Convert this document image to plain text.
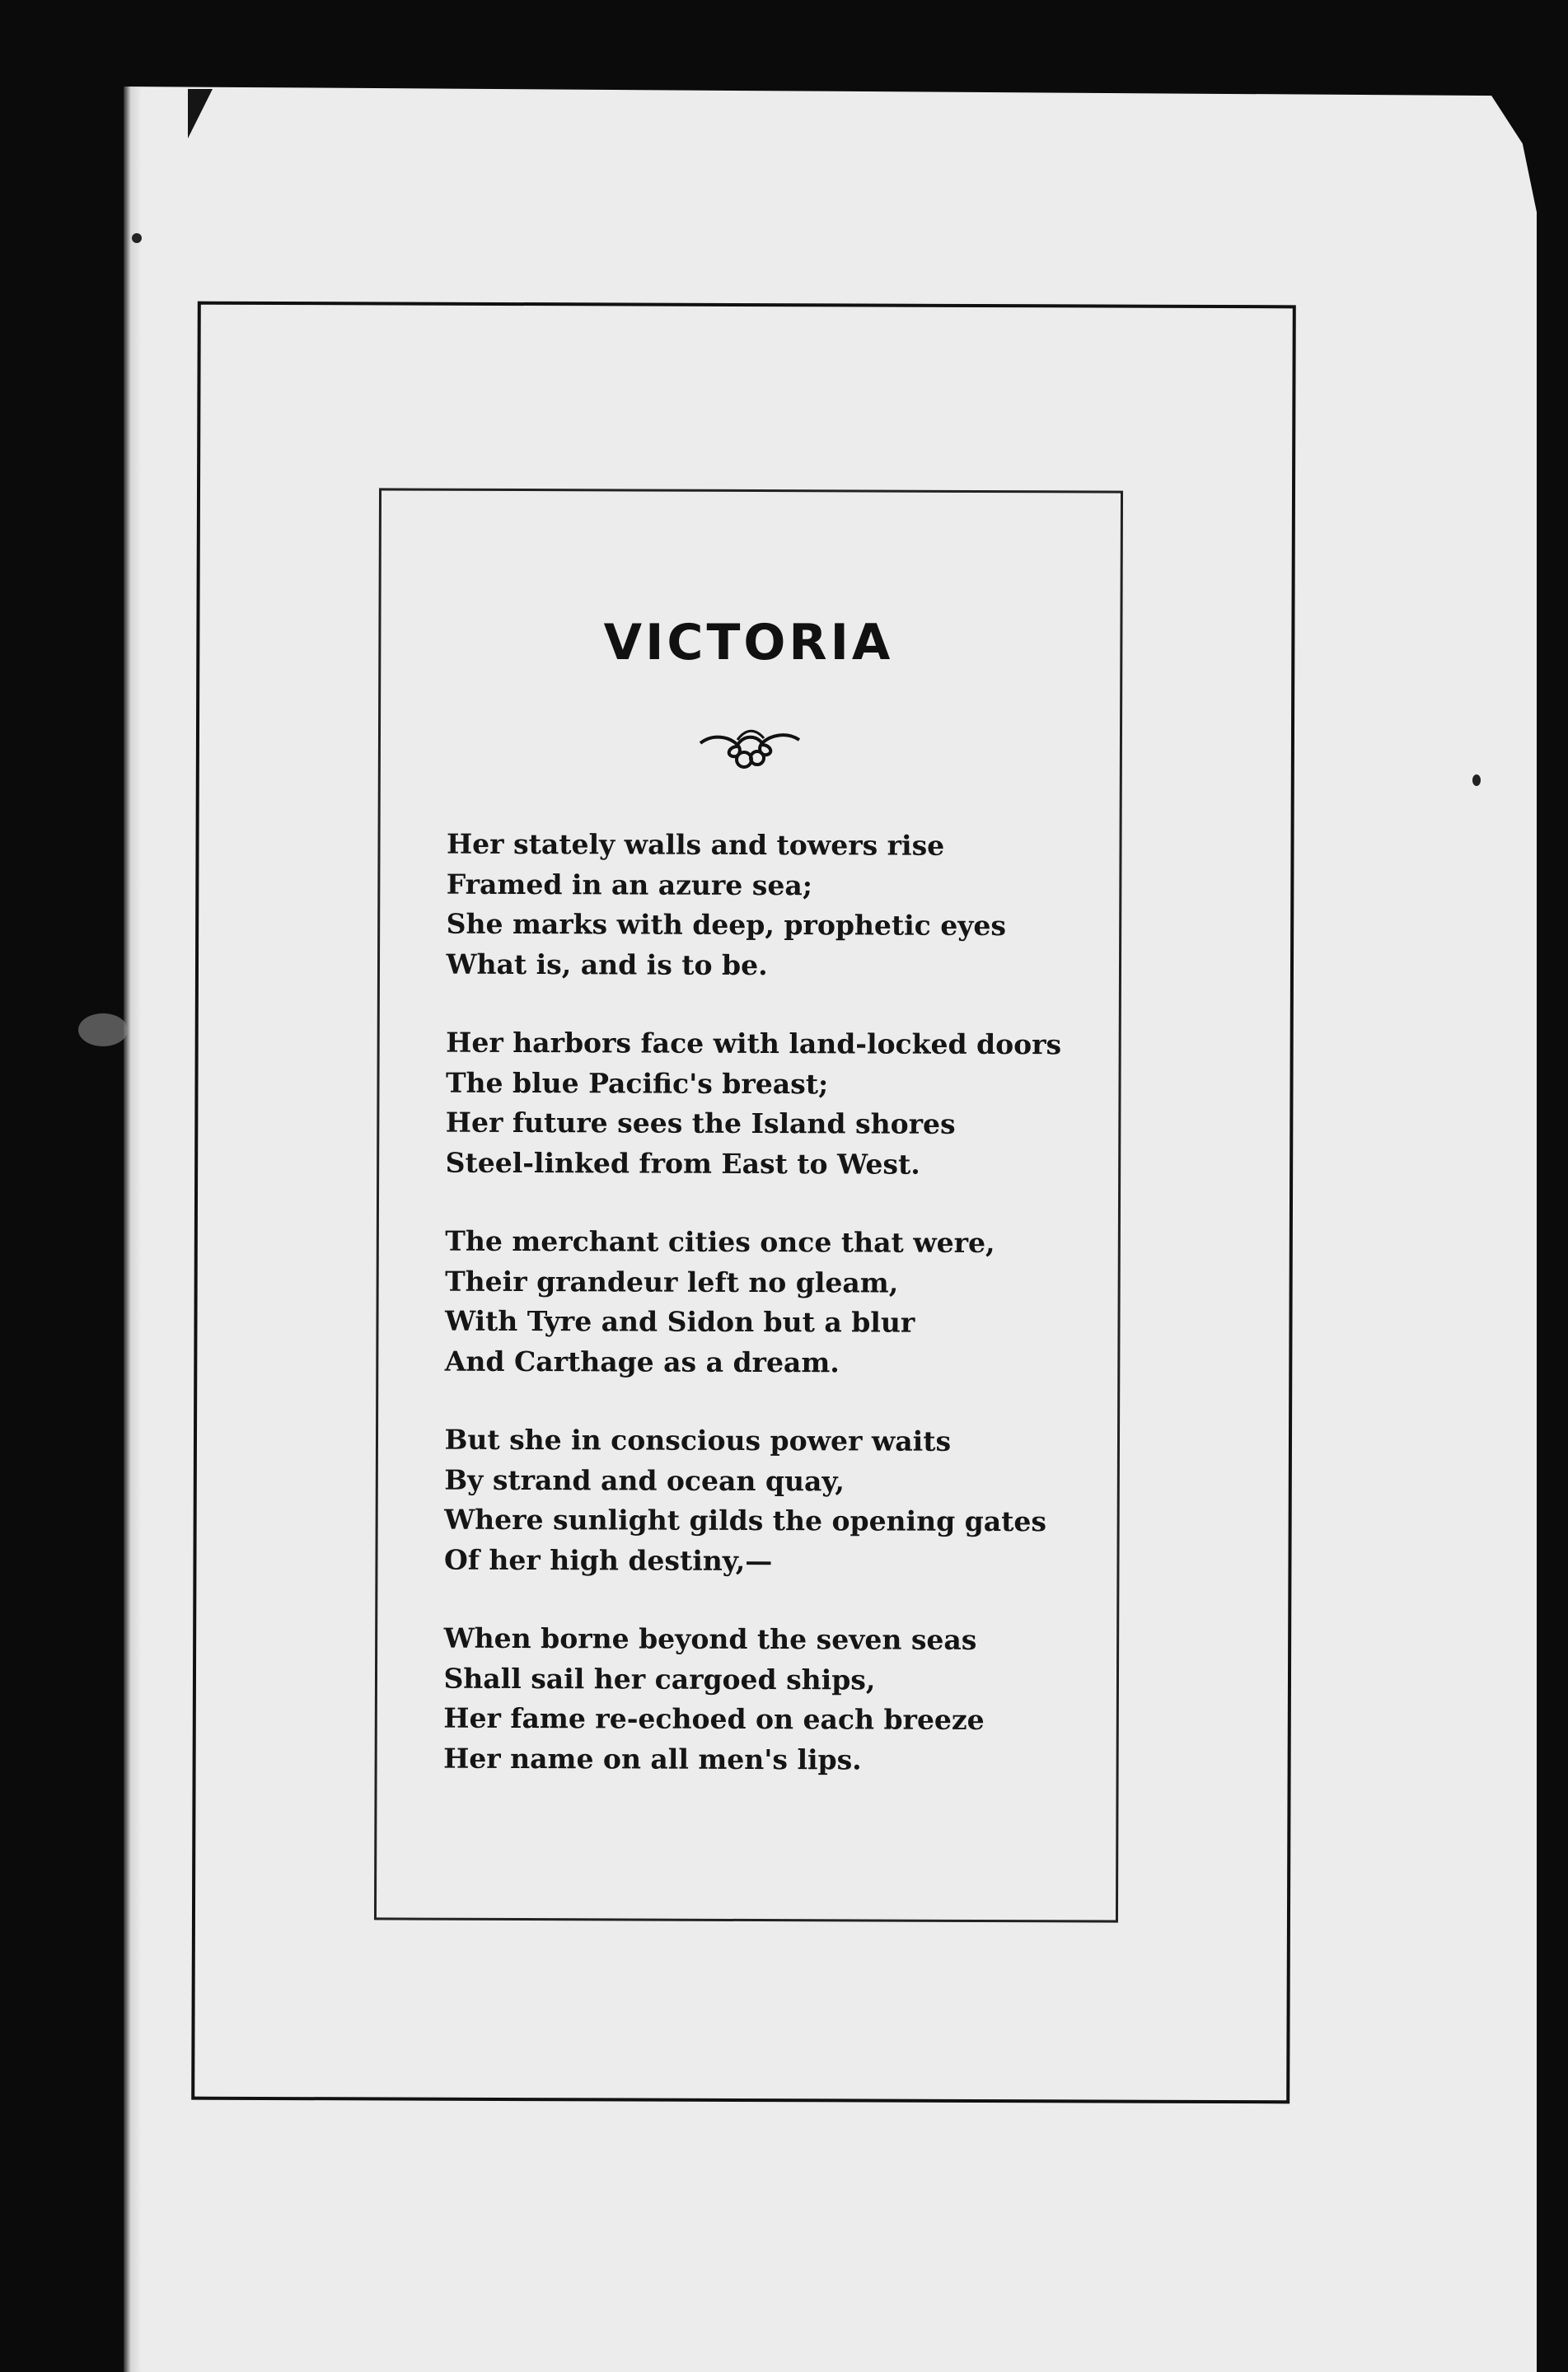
VICTORIA
Her stately walls and towers rise
Framed in an azure sea;
She marks with deep, prophetic eyes
What is, and is to be.
Her harbors face with land-locked doors
The blue Pacific's breast;
Her future sees the Island shores
Steel-linked from East to West.
The merchant cities once that were,
Their grandeur left no gleam,
With Tyre and Sidon but a blur
And Carthage as a dream.
But she in conscious power waits
By strand and ocean quay,
Where sunlight gilds the opening gates
Of her high destiny,—
When borne beyond the seven seas
Shall sail her cargoed ships,
Her fame re-echoed on each breeze
Her name on all men's lips.
